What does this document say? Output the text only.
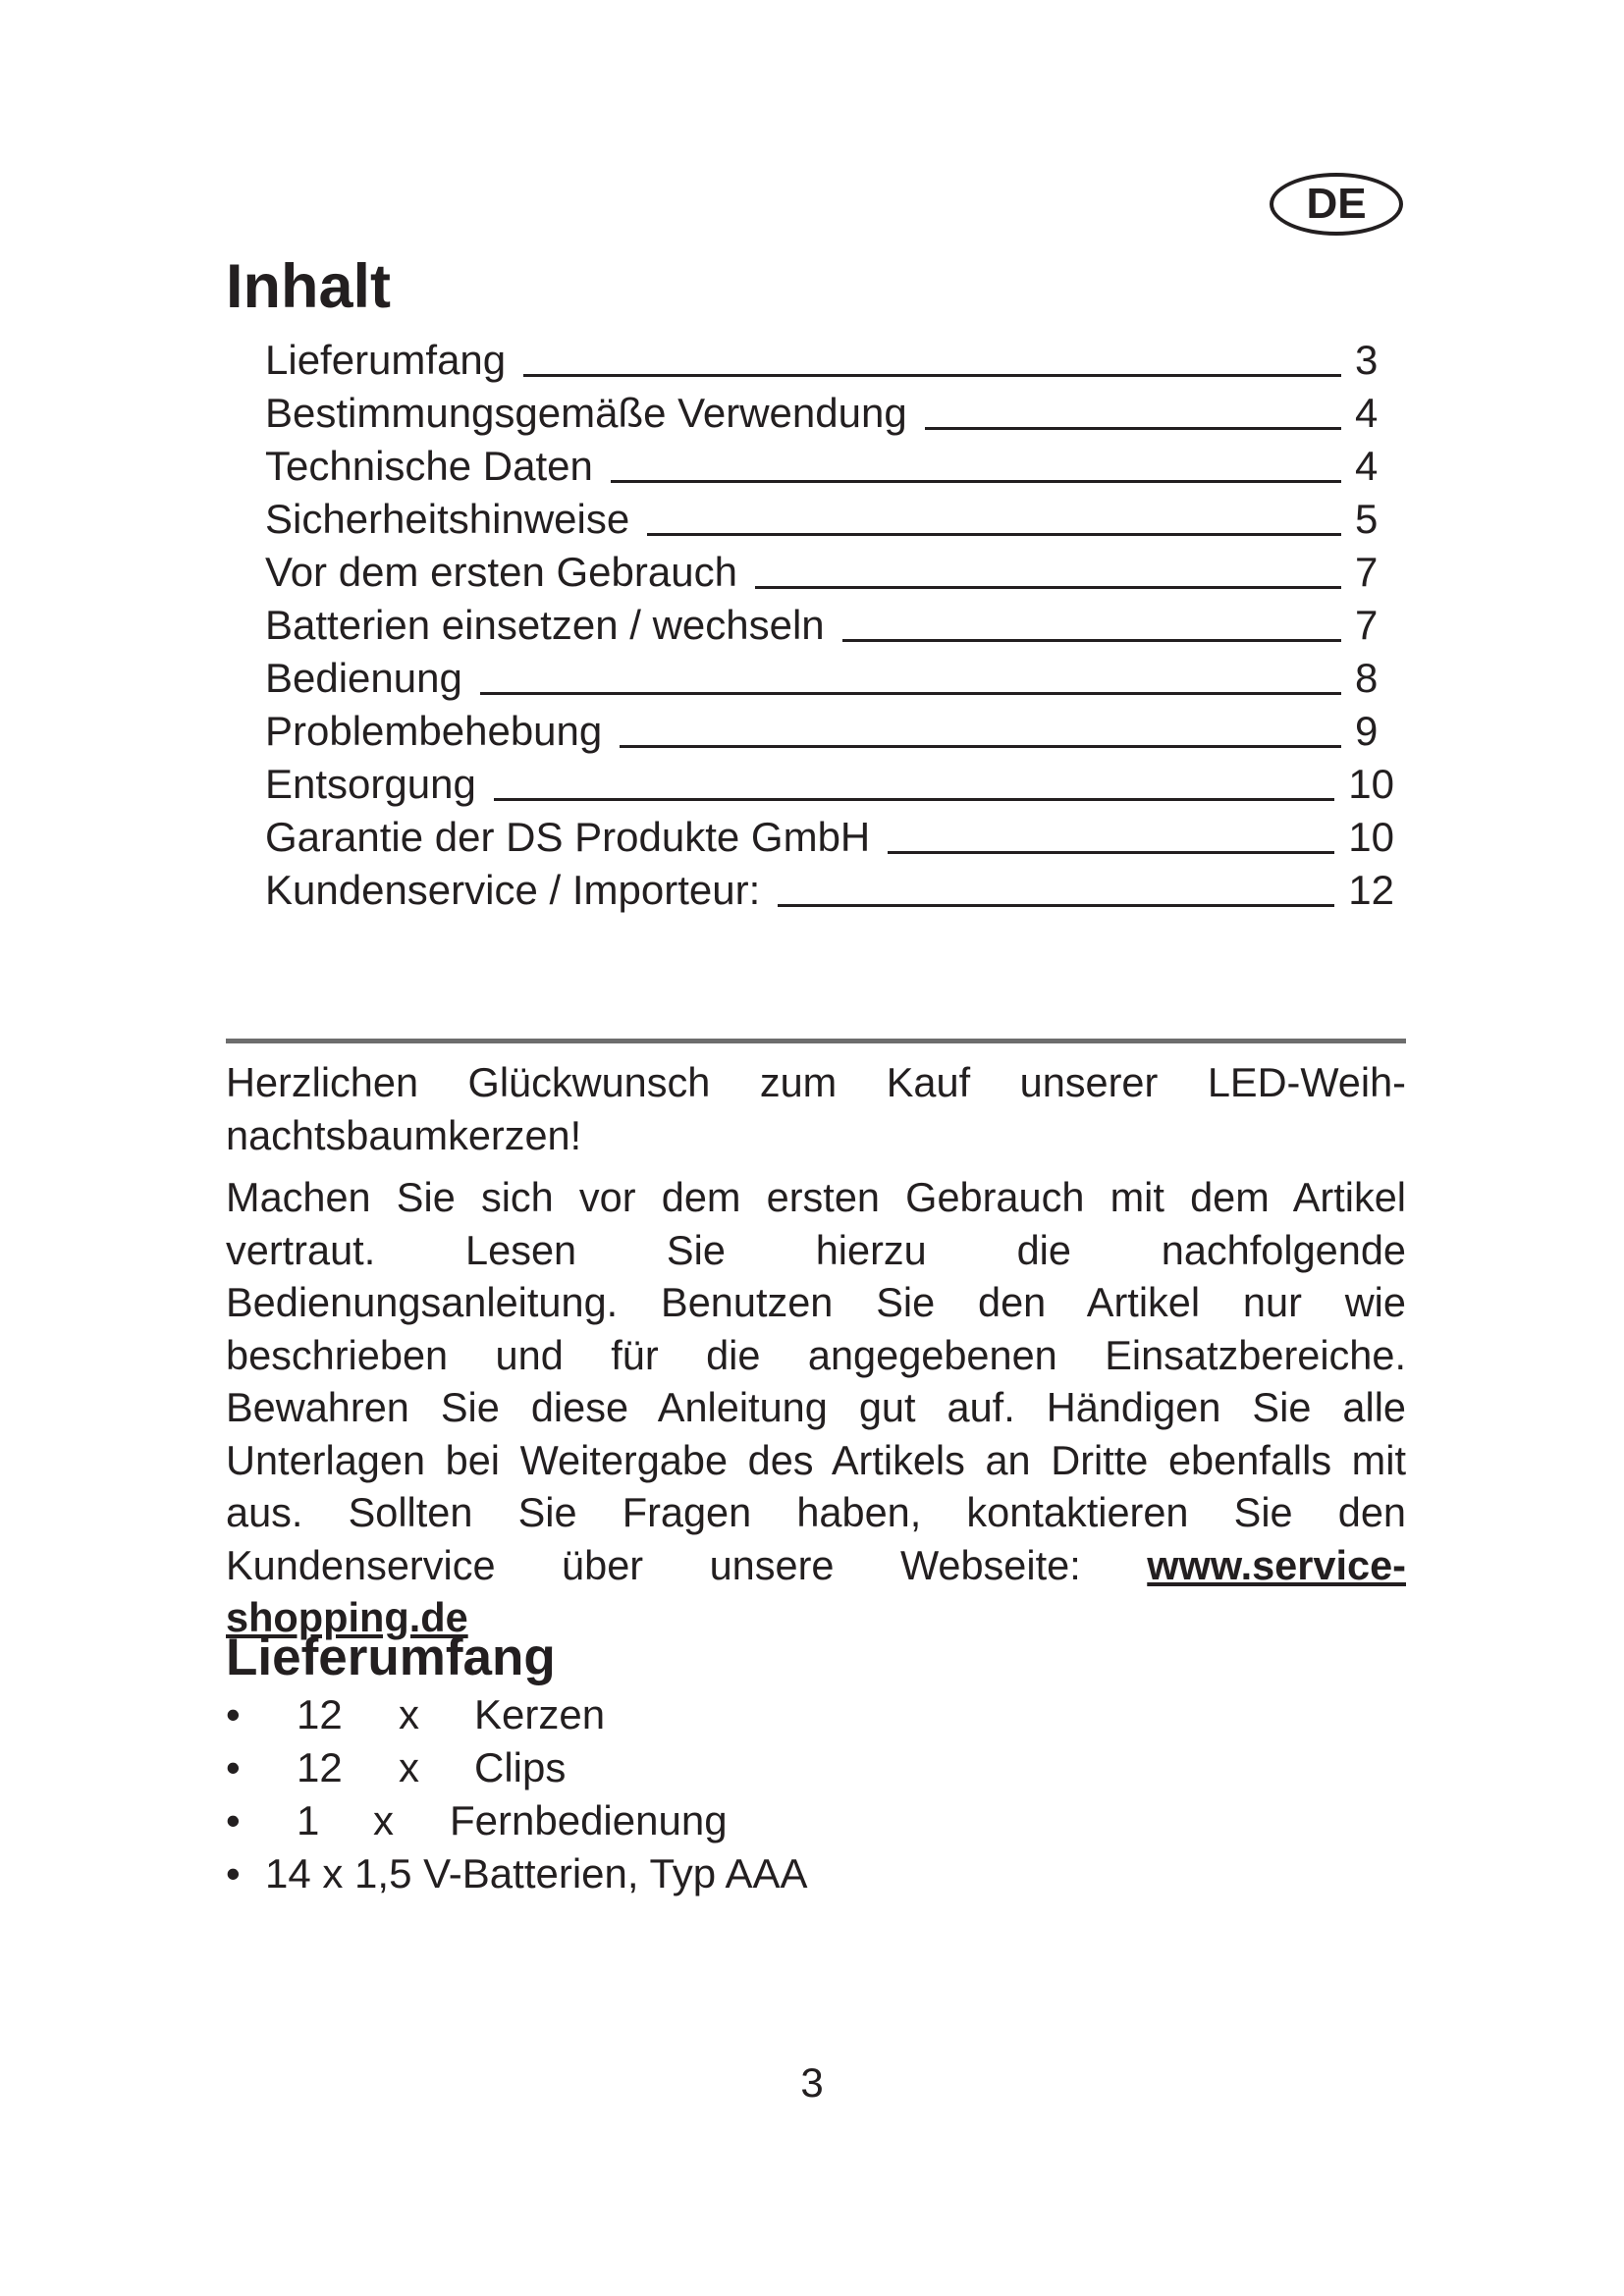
DE
Inhalt
Lieferumfang	3
Bestimmungsgemäße Verwendung	4
Technische Daten	4
Sicherheitshinweise	5
Vor dem ersten Gebrauch	7
Batterien einsetzen / wechseln	7
Bedienung	8
Problembehebung	9
Entsorgung	10
Garantie der DS Produkte GmbH	10
Kundenservice / Importeur:	12

Herzlichen Glückwunsch zum Kauf unserer LED-Weih-nachtsbaumkerzen!

Machen Sie sich vor dem ersten Gebrauch mit dem Artikel vertraut. Lesen Sie hierzu die nachfolgende Bedienungsanleitung. Benutzen Sie den Artikel nur wie beschrieben und für die angegebenen Einsatzbereiche. Bewahren Sie diese Anleitung gut auf. Händigen Sie alle Unterlagen bei Weitergabe des Artikels an Dritte ebenfalls mit aus. Sollten Sie Fragen haben, kontaktieren Sie den Kundenservice über unsere Webseite: www.service-shopping.de

Lieferumfang
• 12 x Kerzen
• 12 x Clips
• 1 x Fernbedienung
• 14 x 1,5 V-Batterien, Typ AAA
3
